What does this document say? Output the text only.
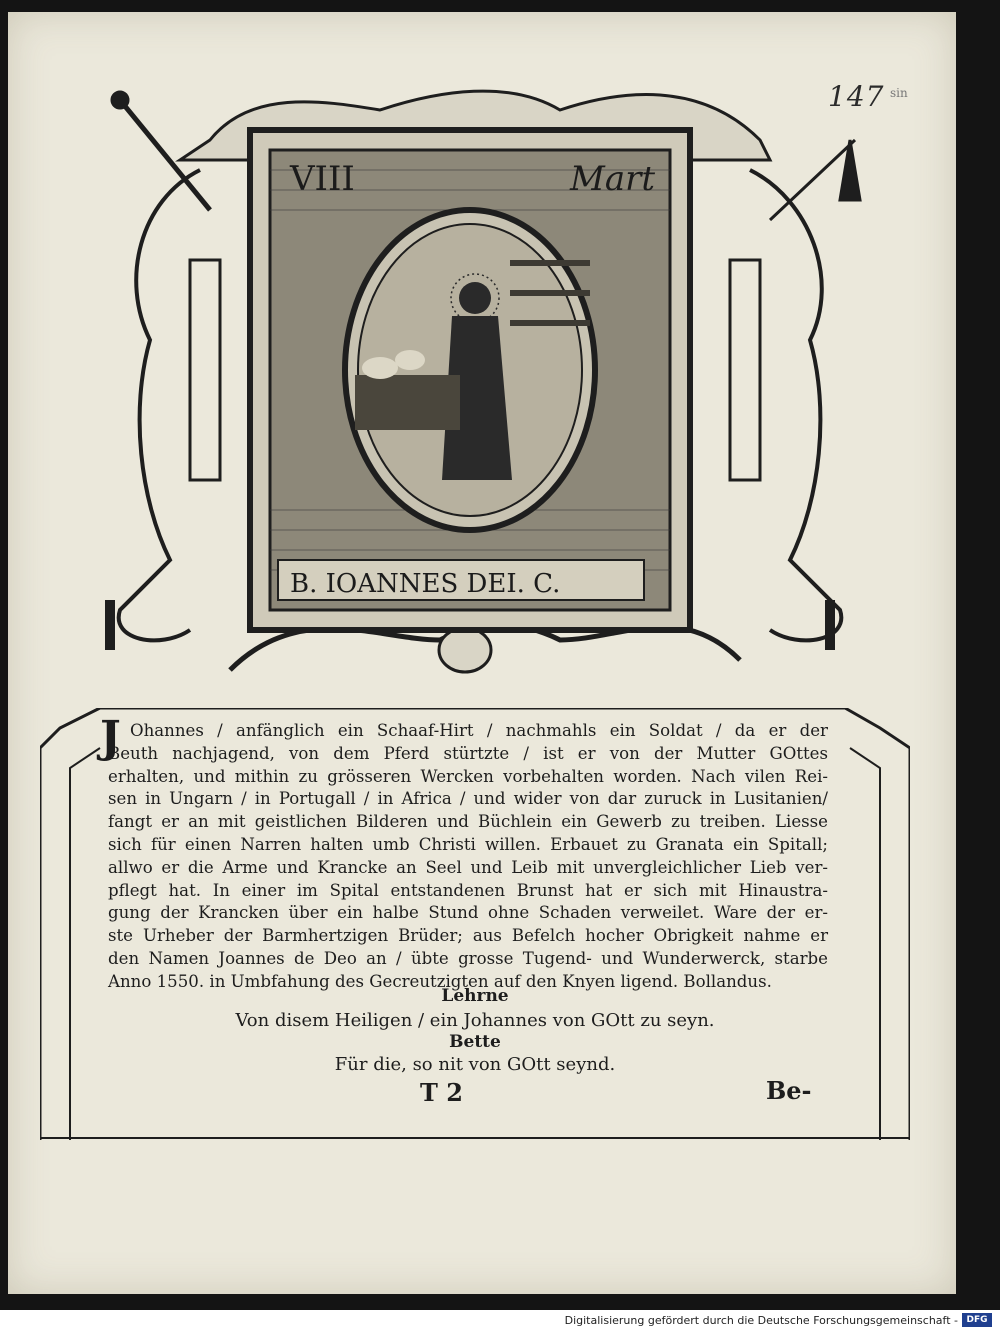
147 sin
VIII	Mart
B. IOANNES DEI. C.
J Ohannes / anfänglich ein Schaaf-Hirt / nachmahls ein Soldat / da er der
Beuth nachjagend, von dem Pferd stürtzte / ist er von der Mutter GOttes
erhalten, und mithin zu grösseren Wercken vorbehalten worden. Nach vilen Rei-
sen in Ungarn / in Portugall / in Africa / und wider von dar zuruck in Lusitanien/
fangt er an mit geistlichen Bilderen und Büchlein ein Gewerb zu treiben. Liesse
sich für einen Narren halten umb Christi willen. Erbauet zu Granata ein Spitall;
allwo er die Arme und Krancke an Seel und Leib mit unvergleichlicher Lieb ver-
pflegt hat. In einer im Spital entstandenen Brunst hat er sich mit Hinaustra-
gung der Krancken über ein halbe Stund ohne Schaden verweilet. Ware der er-
ste Urheber der Barmhertzigen Brüder; aus Befelch hocher Obrigkeit nahme er
den Namen Joannes de Deo an / übte grosse Tugend- und Wunderwerck, starbe
Anno 1550. in Umbfahung des Gecreutzigten auf den Knyen ligend. Bollandus.
Lehrne
Von disem Heiligen / ein Johannes von GOtt zu seyn.
Bette
Für die, so nit von GOtt seynd.
T 2	Be-
Digitalisierung gefördert durch die Deutsche Forschungsgemeinschaft - DFG
